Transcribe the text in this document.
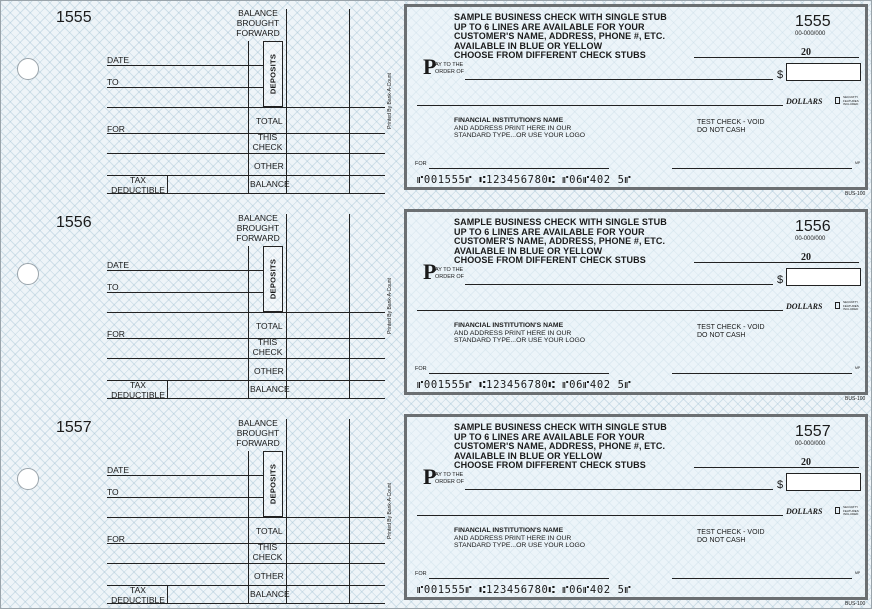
1555	BALANCE
BROUGHT
FORWARD
DATE
TO
FOR
DEPOSITS
TOTAL
THIS
CHECK
OTHER
TAX
DEDUCTIBLE
BALANCE
Printed By Bank-A-Count
SAMPLE BUSINESS CHECK WITH SINGLE STUB
UP TO 6 LINES ARE AVAILABLE FOR YOUR
CUSTOMER'S NAME, ADDRESS, PHONE #, ETC.
AVAILABLE IN BLUE OR YELLOW
CHOOSE FROM DIFFERENT CHECK STUBS
1555
00-000/000
20
P
AY TO THE
ORDER OF	$
DOLLARS	SECURITY FEATURES INCLUDED
FINANCIAL INSTITUTION'S NAME
AND ADDRESS PRINT HERE IN OUR
STANDARD TYPE...OR USE YOUR LOGO
TEST CHECK - VOID
DO NOT CASH
FOR	MP
⑈001555⑈ ⑆123456780⑆ ⑈06⑈402 5⑈
BUS-100
1556	BALANCE
BROUGHT
FORWARD
DATE
TO
FOR
DEPOSITS
TOTAL
THIS
CHECK
OTHER
TAX
DEDUCTIBLE
BALANCE
Printed By Bank-A-Count
SAMPLE BUSINESS CHECK WITH SINGLE STUB
UP TO 6 LINES ARE AVAILABLE FOR YOUR
CUSTOMER'S NAME, ADDRESS, PHONE #, ETC.
AVAILABLE IN BLUE OR YELLOW
CHOOSE FROM DIFFERENT CHECK STUBS
1556
00-000/000
20
P
AY TO THE
ORDER OF	$
DOLLARS	SECURITY FEATURES INCLUDED
FINANCIAL INSTITUTION'S NAME
AND ADDRESS PRINT HERE IN OUR
STANDARD TYPE...OR USE YOUR LOGO
TEST CHECK - VOID
DO NOT CASH
FOR	MP
⑈001555⑈ ⑆123456780⑆ ⑈06⑈402 5⑈
BUS-100
1557	BALANCE
BROUGHT
FORWARD
DATE
TO
FOR
DEPOSITS
TOTAL
THIS
CHECK
OTHER
TAX
DEDUCTIBLE
BALANCE
Printed By Bank-A-Count
SAMPLE BUSINESS CHECK WITH SINGLE STUB
UP TO 6 LINES ARE AVAILABLE FOR YOUR
CUSTOMER'S NAME, ADDRESS, PHONE #, ETC.
AVAILABLE IN BLUE OR YELLOW
CHOOSE FROM DIFFERENT CHECK STUBS
1557
00-000/000
20
P
AY TO THE
ORDER OF	$
DOLLARS	SECURITY FEATURES INCLUDED
FINANCIAL INSTITUTION'S NAME
AND ADDRESS PRINT HERE IN OUR
STANDARD TYPE...OR USE YOUR LOGO
TEST CHECK - VOID
DO NOT CASH
FOR	MP
⑈001555⑈ ⑆123456780⑆ ⑈06⑈402 5⑈
BUS-100
